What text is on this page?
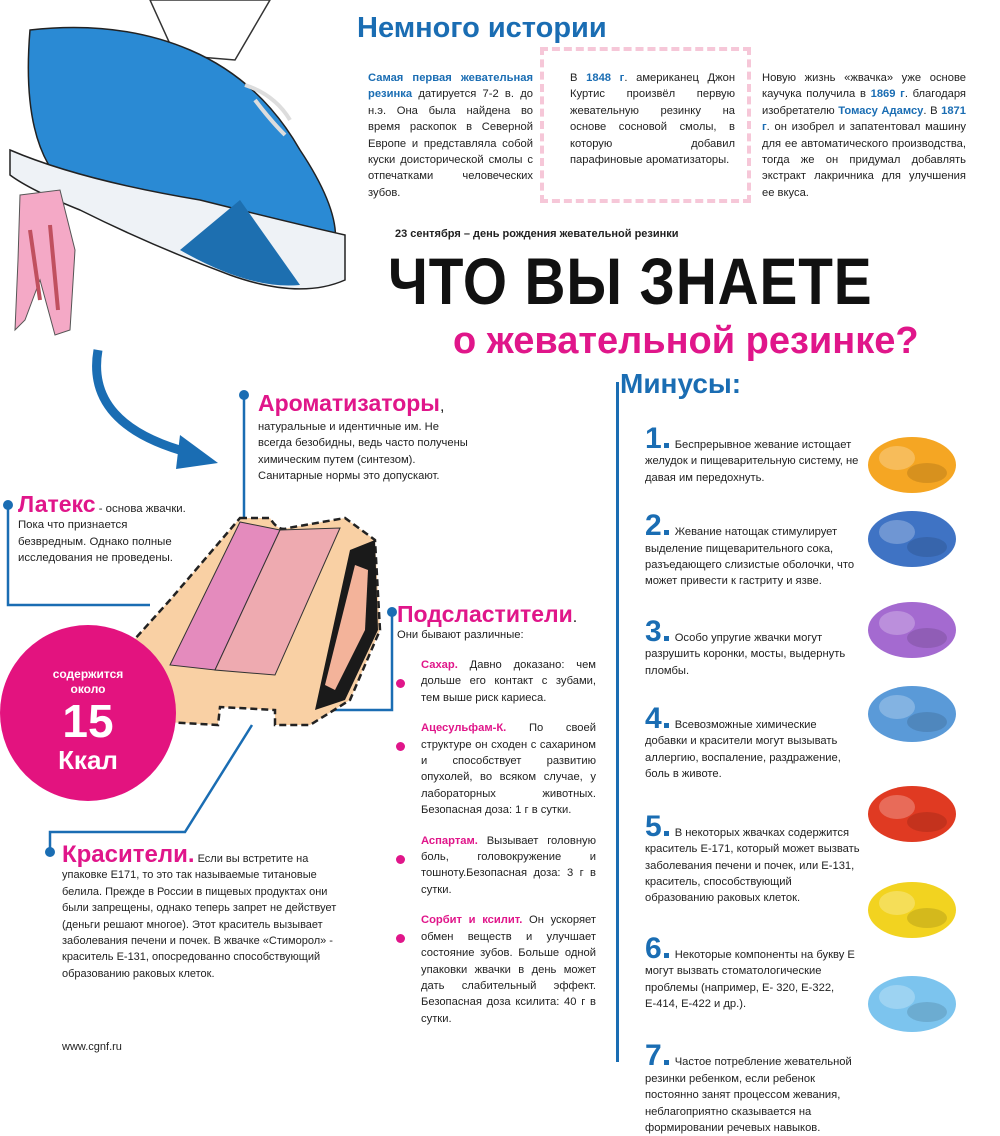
Немного истории
Самая первая жевательная резинка датируется 7-2 в. до н.э. Она была найдена во время раскопок в Северной Европе и представляла собой куски доисторической смолы с отпечатками человеческих зубов.
В 1848 г. американец Джон Куртис произвёл первую жевательную резинку на основе сосновой смолы, в которую добавил парафиновые ароматизаторы.
Новую жизнь «жвачка» уже основе каучука получила в 1869 г. благодаря изобретателю Томасу Адамсу. В 1871 г. он изобрел и запатентовал машину для ее автоматического производства, тогда же он придумал добавлять экстракт лакричника для улучшения ее вкуса.
23 сентября – день рождения жевательной резинки
ЧТО ВЫ ЗНАЕТЕ
о жевательной резинке?
Ароматизаторы,
натуральные и идентичные им. Не всегда безобидны, ведь часто получены химическим путем (синтезом). Санитарные нормы это допускают.
Латекс - основа жвачки. Пока что признается безвредным. Однако полные исследования не проведены.
Подсластители.
Они бывают различные:
Сахар. Давно доказано: чем дольше его контакт с зубами, тем выше риск кариеса.
Ацесульфам-К. По своей структуре он сходен с сахарином и способствует развитию опухолей, во всяком случае, у лабораторных животных. Безопасная доза: 1 г в сутки.
Аспартам. Вызывает головную боль, головокружение и тошноту.Безопасная доза: 3 г в сутки.
Сорбит и ксилит. Он ускоряет обмен веществ и улучшает состояние зубов. Больше одной упаковки жвачки в день может дать слабительный эффект. Безопасная доза ксилита: 40 г в сутки.
содержится
около
15
Ккал
Красители. Если вы встретите на упаковке Е171, то это так называемые титановые белила. Прежде в России в пищевых продуктах они были запрещены, однако теперь запрет не действует (деньги решают многое). Этот краситель вызывает заболевания печени и почек. В жвачке «Стиморол» - краситель Е-131, опосредованно способствующий образованию раковых клеток.
www.cgnf.ru
Минусы:
1 Беспрерывное жевание истощает желудок и пищеварительную систему, не давая им передохнуть.
2 Жевание натощак стимулирует выделение пищеварительного сока, разъедающего слизистые оболочки, что может привести к гастриту и язве.
3 Особо упругие жвачки могут разрушить коронки, мосты, выдернуть пломбы.
4 Всевозможные химические добавки и красители могут вызывать аллергию, воспаление, раздражение, боль в животе.
5 В некоторых жвачках содержится краситель Е-171, который может вызвать заболевания печени и почек, или Е-131, краситель, способствующий образованию раковых клеток.
6 Некоторые компоненты на букву Е могут вызвать стоматологические проблемы (например, Е- 320, Е-322, Е-414, Е-422 и др.).
7 Частое потребление жевательной резинки ребенком, если ребенок постоянно занят процессом жевания, неблагоприятно сказывается на формировании речевых навыков.
